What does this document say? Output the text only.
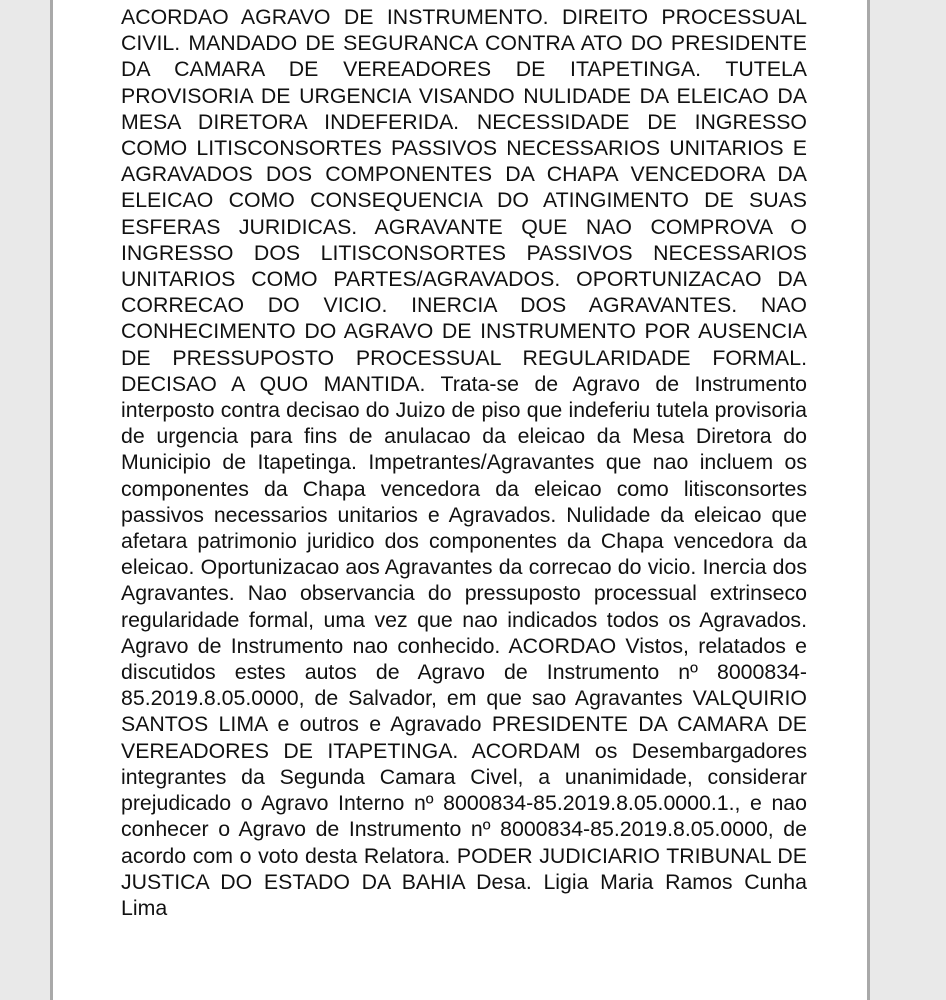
ACORDAO AGRAVO DE INSTRUMENTO. DIREITO PROCESSUAL CIVIL. MANDADO DE SEGURANCA CONTRA ATO DO PRESIDENTE DA CAMARA DE VEREADORES DE ITAPETINGA. TUTELA PROVISORIA DE URGENCIA VISANDO NULIDADE DA ELEICAO DA MESA DIRETORA INDEFERIDA. NECESSIDADE DE INGRESSO COMO LITISCONSORTES PASSIVOS NECESSARIOS UNITARIOS E AGRAVADOS DOS COMPONENTES DA CHAPA VENCEDORA DA ELEICAO COMO CONSEQUENCIA DO ATINGIMENTO DE SUAS ESFERAS JURIDICAS. AGRAVANTE QUE NAO COMPROVA O INGRESSO DOS LITISCONSORTES PASSIVOS NECESSARIOS UNITARIOS COMO PARTES/AGRAVADOS. OPORTUNIZACAO DA CORRECAO DO VICIO. INERCIA DOS AGRAVANTES. NAO CONHECIMENTO DO AGRAVO DE INSTRUMENTO POR AUSENCIA DE PRESSUPOSTO PROCESSUAL REGULARIDADE FORMAL. DECISAO A QUO MANTIDA. Trata-se de Agravo de Instrumento interposto contra decisao do Juizo de piso que indeferiu tutela provisoria de urgencia para fins de anulacao da eleicao da Mesa Diretora do Municipio de Itapetinga. Impetrantes/Agravantes que nao incluem os componentes da Chapa vencedora da eleicao como litisconsortes passivos necessarios unitarios e Agravados. Nulidade da eleicao que afetara patrimonio juridico dos componentes da Chapa vencedora da eleicao. Oportunizacao aos Agravantes da correcao do vicio. Inercia dos Agravantes. Nao observancia do pressuposto processual extrinseco regularidade formal, uma vez que nao indicados todos os Agravados. Agravo de Instrumento nao conhecido. ACORDAO Vistos, relatados e discutidos estes autos de Agravo de Instrumento nº 8000834-85.2019.8.05.0000, de Salvador, em que sao Agravantes VALQUIRIO SANTOS LIMA e outros e Agravado PRESIDENTE DA CAMARA DE VEREADORES DE ITAPETINGA. ACORDAM os Desembargadores integrantes da Segunda Camara Civel, a unanimidade, considerar prejudicado o Agravo Interno nº 8000834-85.2019.8.05.0000.1., e nao conhecer o Agravo de Instrumento nº 8000834-85.2019.8.05.0000, de acordo com o voto desta Relatora. PODER JUDICIARIO TRIBUNAL DE JUSTICA DO ESTADO DA BAHIA Desa. Ligia Maria Ramos Cunha Lima
